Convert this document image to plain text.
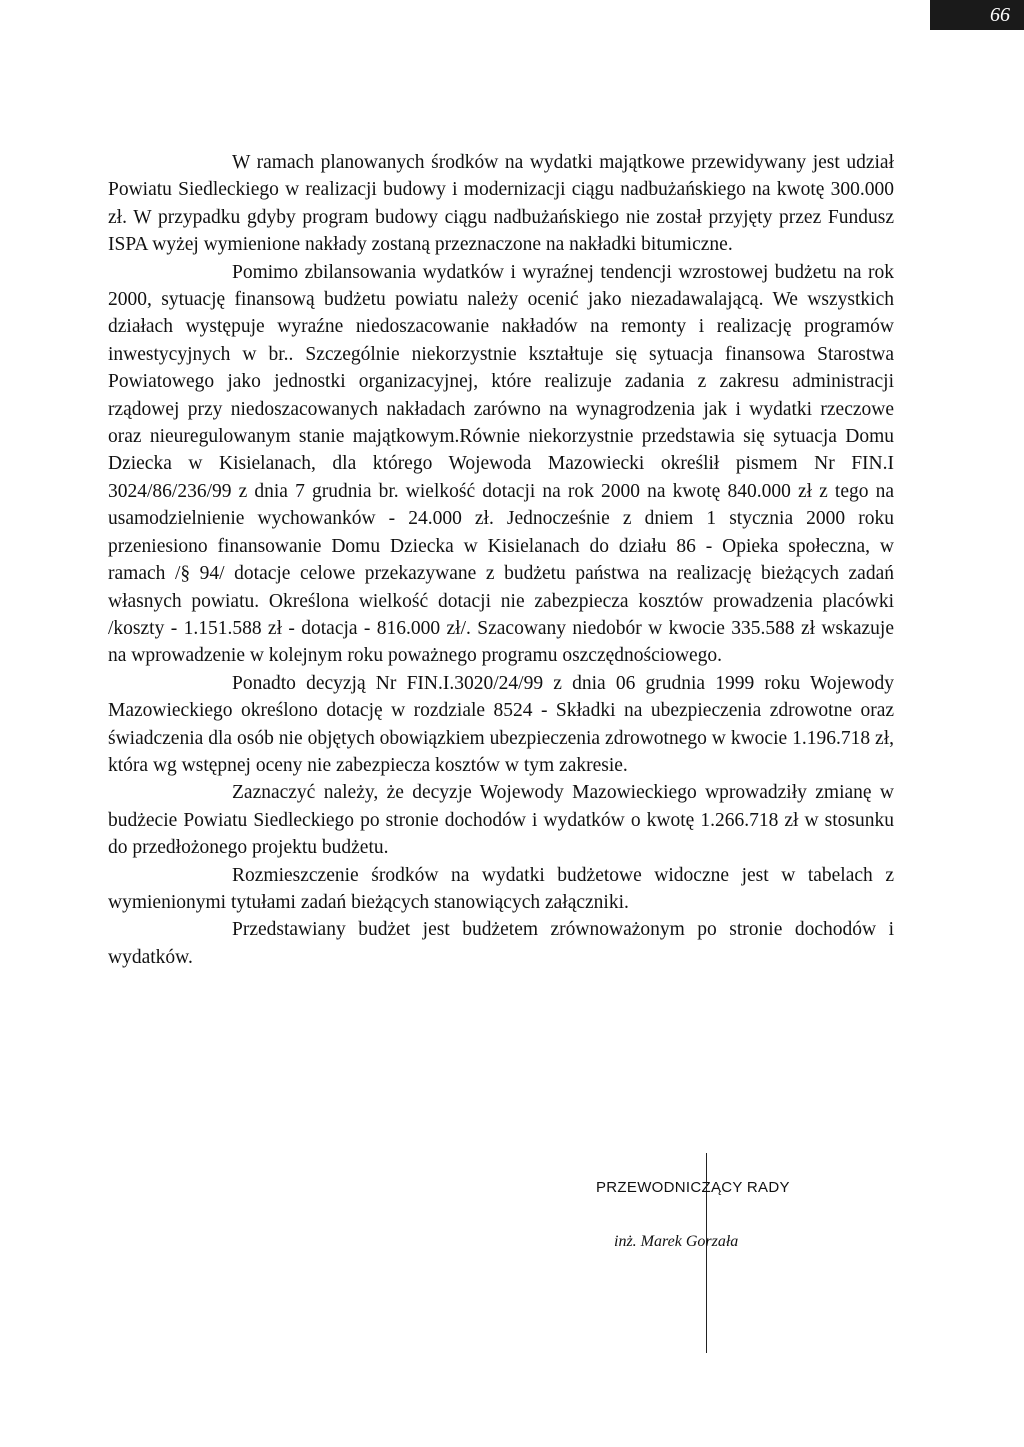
66

W ramach planowanych środków na wydatki majątkowe przewidywany jest udział Powiatu Siedleckiego w realizacji budowy i modernizacji ciągu nadbużańskiego na kwotę 300.000 zł. W przypadku gdyby program budowy ciągu nadbużańskiego nie został przyjęty przez Fundusz ISPA wyżej wymienione nakłady zostaną przeznaczone na nakładki bitumiczne.

Pomimo zbilansowania wydatków i wyraźnej tendencji wzrostowej budżetu na rok 2000, sytuację finansową budżetu powiatu należy ocenić jako niezadawalającą. We wszystkich działach występuje wyraźne niedoszacowanie nakładów na remonty i realizację programów inwestycyjnych w br.. Szczególnie niekorzystnie kształtuje się sytuacja finansowa Starostwa Powiatowego jako jednostki organizacyjnej, które realizuje zadania z zakresu administracji rządowej przy niedoszacowanych nakładach zarówno na wynagrodzenia jak i wydatki rzeczowe oraz nieuregulowanym stanie majątkowym.Równie niekorzystnie przedstawia się sytuacja Domu Dziecka w Kisielanach, dla którego Wojewoda Mazowiecki określił pismem Nr FIN.I 3024/86/236/99 z dnia 7 grudnia br. wielkość dotacji na rok 2000 na kwotę 840.000 zł z tego na usamodzielnienie wychowanków - 24.000 zł. Jednocześnie z dniem 1 stycznia 2000 roku przeniesiono finansowanie Domu Dziecka w Kisielanach do działu 86 - Opieka społeczna, w ramach /§ 94/ dotacje celowe przekazywane z budżetu państwa na realizację bieżących zadań własnych powiatu. Określona wielkość dotacji nie zabezpiecza kosztów prowadzenia placówki /koszty - 1.151.588 zł - dotacja - 816.000 zł/. Szacowany niedobór w kwocie 335.588 zł wskazuje na wprowadzenie w kolejnym roku poważnego programu oszczędnościowego.

Ponadto decyzją Nr FIN.I.3020/24/99 z dnia 06 grudnia 1999 roku Wojewody Mazowieckiego określono dotację w rozdziale 8524 - Składki na ubezpieczenia zdrowotne oraz świadczenia dla osób nie objętych obowiązkiem ubezpieczenia zdrowotnego w kwocie 1.196.718 zł, która wg wstępnej oceny nie zabezpiecza kosztów w tym zakresie.

Zaznaczyć należy, że decyzje Wojewody Mazowieckiego wprowadziły zmianę w budżecie Powiatu Siedleckiego po stronie dochodów i wydatków o kwotę 1.266.718 zł w stosunku do przedłożonego projektu budżetu.

Rozmieszczenie środków na wydatki budżetowe widoczne jest w tabelach z wymienionymi tytułami zadań bieżących stanowiących załączniki.

Przedstawiany budżet jest budżetem zrównoważonym po stronie dochodów i wydatków.

PRZEWODNICZĄCY RADY
inż. Marek Gorzała
